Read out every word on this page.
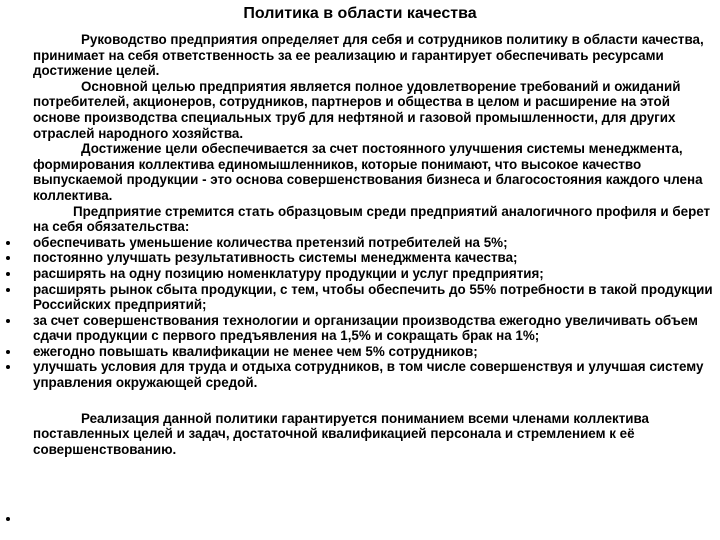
Политика в области качества

Руководство предприятия определяет для себя и сотрудников политику в области качества, принимает на себя ответственность за ее реализацию и гарантирует обеспечивать ресурсами достижение целей.

Основной целью предприятия является полное удовлетворение требований и ожиданий потребителей, акционеров, сотрудников, партнеров и общества в целом и расширение на этой основе производства специальных труб для нефтяной и газовой промышленности, для других отраслей народного хозяйства.

Достижение цели обеспечивается за счет постоянного улучшения системы менеджмента, формирования коллектива единомышленников, которые понимают, что высокое качество выпускаемой продукции - это основа совершенствования бизнеса и благосостояния каждого члена коллектива.

Предприятие стремится стать образцовым среди предприятий аналогичного профиля и берет на себя обязательства:

обеспечивать уменьшение количества претензий потребителей на 5%;
постоянно улучшать результативность системы менеджмента качества;
расширять на одну позицию номенклатуру продукции и услуг предприятия;
расширять рынок сбыта продукции, с тем, чтобы обеспечить до 55% потребности в такой продукции Российских предприятий;
за счет совершенствования технологии и организации производства ежегодно увеличивать объем сдачи продукции с первого предъявления на 1,5% и сокращать брак на 1%;
ежегодно повышать квалификации не менее чем 5% сотрудников;
улучшать условия для труда и отдыха сотрудников, в том числе совершенствуя и улучшая систему управления окружающей средой.

Реализация данной политики гарантируется пониманием всеми членами коллектива поставленных целей и задач, достаточной квалификацией персонала и стремлением к её совершенствованию.
